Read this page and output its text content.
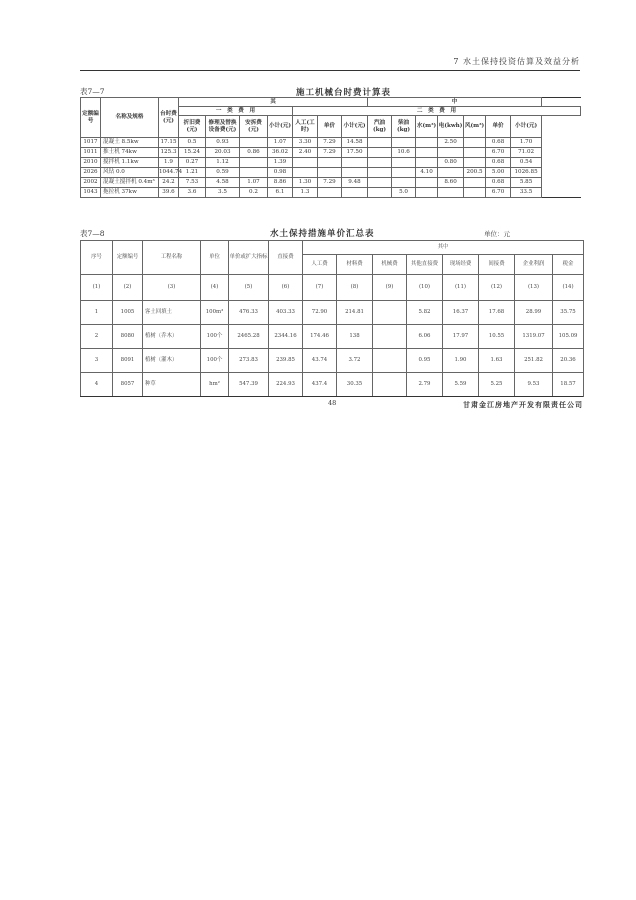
7 水土保持投资估算及效益分析
表7—7	施工机械台时费计算表
定额编号	名称及规格	台时费(元)	其							中						
			一　类　费　用				二　类　费　用									
			折旧费(元)	修理及替换设备费(元)	安拆费(元)	小计(元)	人工(工时)	单价	小计(元)	汽油(kg)	柴油(kg)	水(m³)	电(kwh)	风(m³)	单价	小计(元)
1017	混凝土 8.5kw	17.15	0.5	0.93		1.07	3.30	7.29	14.58				2.50		0.68	1.70
1011	推土机 74kw	125.3	15.24	20.03	0.86	36.02	2.40	7.29	17.50		10.6				6.70	71.02
2010	搅拌机 1.1kw	1.9	0.27	1.12		1.39							0.80		0.68	0.54
2026	风钻 0.0	1044.74	1.21	0.59		0.98						4.10		200.5	5.00	1026.85
2002	混凝土搅拌机 0.4m³	24.2	7.53	4.58	1.07	8.86	1.30	7.29	9.48				8.60		0.68	5.85
1043	拖拉机 37kw	39.6	3.6	3.5	0.2	6.1	1.3				5.0				6.70	33.5
表7—8	水土保持措施单价汇总表	单位：元
序号	定额编号	工程名称	单位	单价或扩大指标	直接费	其中							
						人工费	材料费	机械费	其他直接费	现场经费	间接费	企业利润	税金
(1)	(2)	(3)	(4)	(5)	(6)	(7)	(8)	(9)	(10)	(11)	(12)	(13)	(14)
1	1005	客土回填土	100m³	476.33	403.33	72.90	214.81		5.82	16.37	17.68	28.99	35.75
2	8080	植树（乔木）	100个	2465.28	2344.16	174.46	138		6.06	17.97	10.55	1319.07	105.09
3	8091	植树（灌木）	100个	273.83	239.85	43.74	3.72		0.95	1.90	1.63	251.82	20.36
4	8057	种草	hm²	547.39	224.93	437.4	30.35		2.79	5.59	5.25	9.53	18.57
48	甘肃金江房地产开发有限责任公司
